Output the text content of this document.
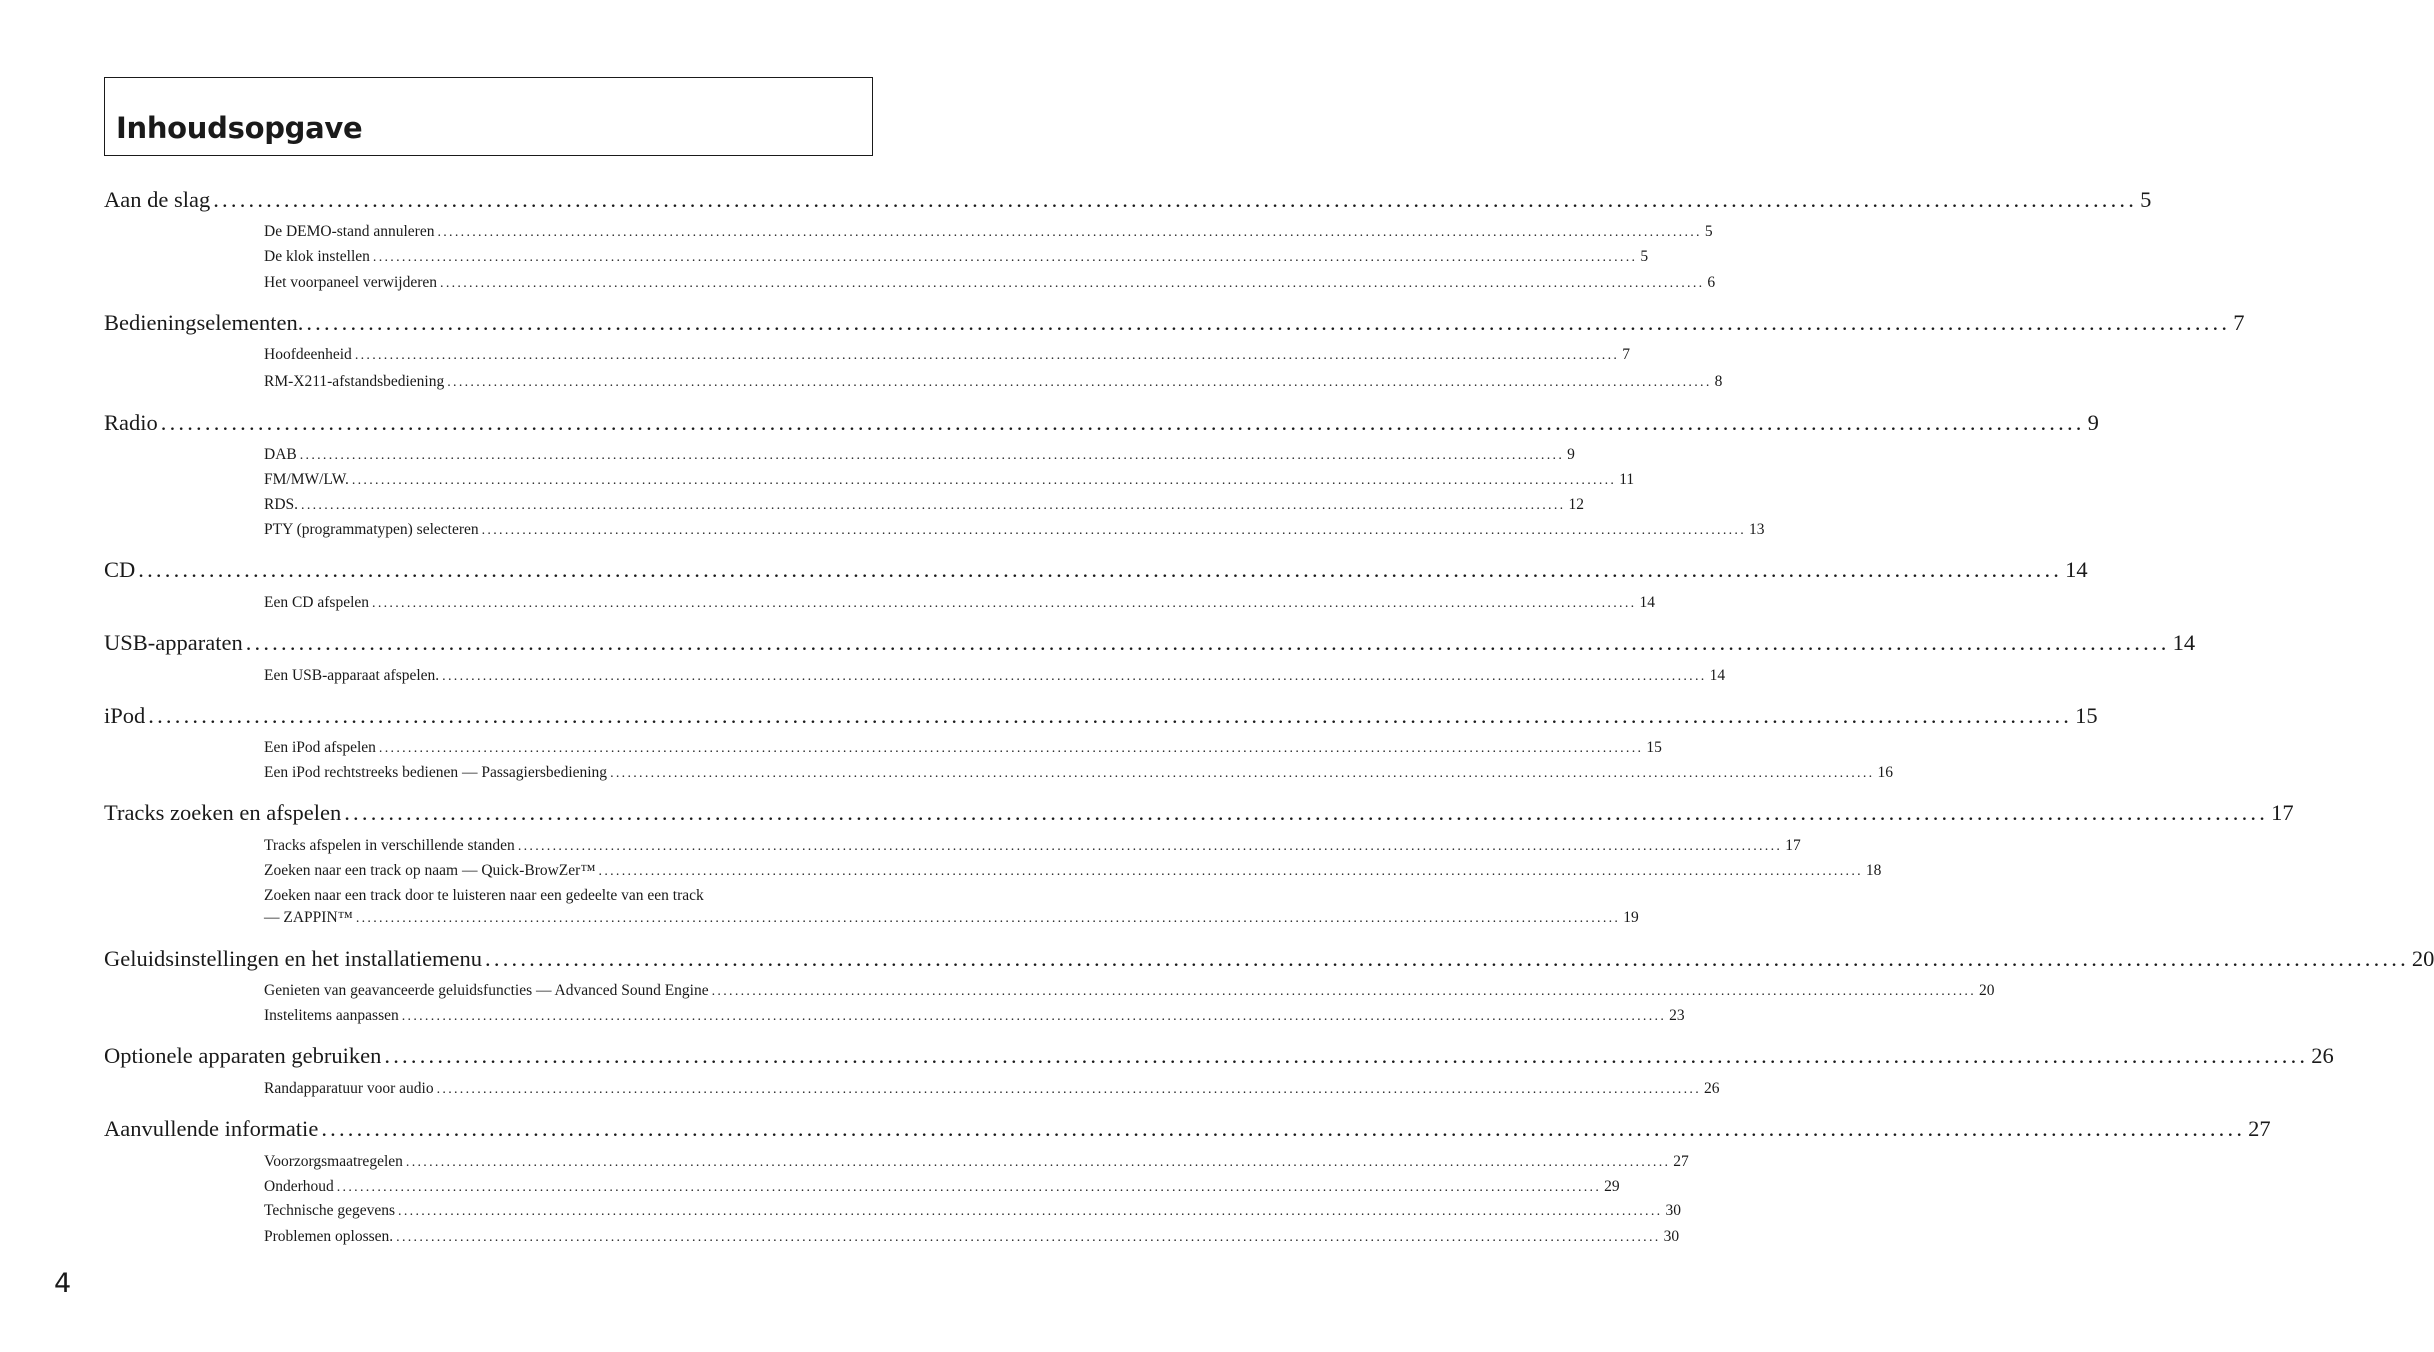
Inhoudsopgave
Aan de slag .......................................................................................................................................................................................................................... 5
De DEMO-stand annuleren .......................................................................................................................................................................................................................... 5
De klok instellen .......................................................................................................................................................................................................................... 5
Het voorpaneel verwijderen .......................................................................................................................................................................................................................... 6
Bedieningselementen. .......................................................................................................................................................................................................................... 7
Hoofdeenheid .......................................................................................................................................................................................................................... 7
RM-X211-afstandsbediening .......................................................................................................................................................................................................................... 8
Radio .......................................................................................................................................................................................................................... 9
DAB .......................................................................................................................................................................................................................... 9
FM/MW/LW. .......................................................................................................................................................................................................................... 11
RDS. .......................................................................................................................................................................................................................... 12
PTY (programmatypen) selecteren .......................................................................................................................................................................................................................... 13
CD .......................................................................................................................................................................................................................... 14
Een CD afspelen .......................................................................................................................................................................................................................... 14
USB-apparaten .......................................................................................................................................................................................................................... 14
Een USB-apparaat afspelen. .......................................................................................................................................................................................................................... 14
iPod .......................................................................................................................................................................................................................... 15
Een iPod afspelen .......................................................................................................................................................................................................................... 15
Een iPod rechtstreeks bedienen — Passagiersbediening .......................................................................................................................................................................................................................... 16
Tracks zoeken en afspelen .......................................................................................................................................................................................................................... 17
Tracks afspelen in verschillende standen .......................................................................................................................................................................................................................... 17
Zoeken naar een track op naam — Quick-BrowZer™ .......................................................................................................................................................................................................................... 18
Zoeken naar een track door te luisteren naar een gedeelte van een track
— ZAPPIN™ .......................................................................................................................................................................................................................... 19
Geluidsinstellingen en het installatiemenu .......................................................................................................................................................................................................................... 20
Genieten van geavanceerde geluidsfuncties — Advanced Sound Engine .......................................................................................................................................................................................................................... 20
Instelitems aanpassen .......................................................................................................................................................................................................................... 23
Optionele apparaten gebruiken .......................................................................................................................................................................................................................... 26
Randapparatuur voor audio .......................................................................................................................................................................................................................... 26
Aanvullende informatie .......................................................................................................................................................................................................................... 27
Voorzorgsmaatregelen .......................................................................................................................................................................................................................... 27
Onderhoud .......................................................................................................................................................................................................................... 29
Technische gegevens .......................................................................................................................................................................................................................... 30
Problemen oplossen. .......................................................................................................................................................................................................................... 30
4
